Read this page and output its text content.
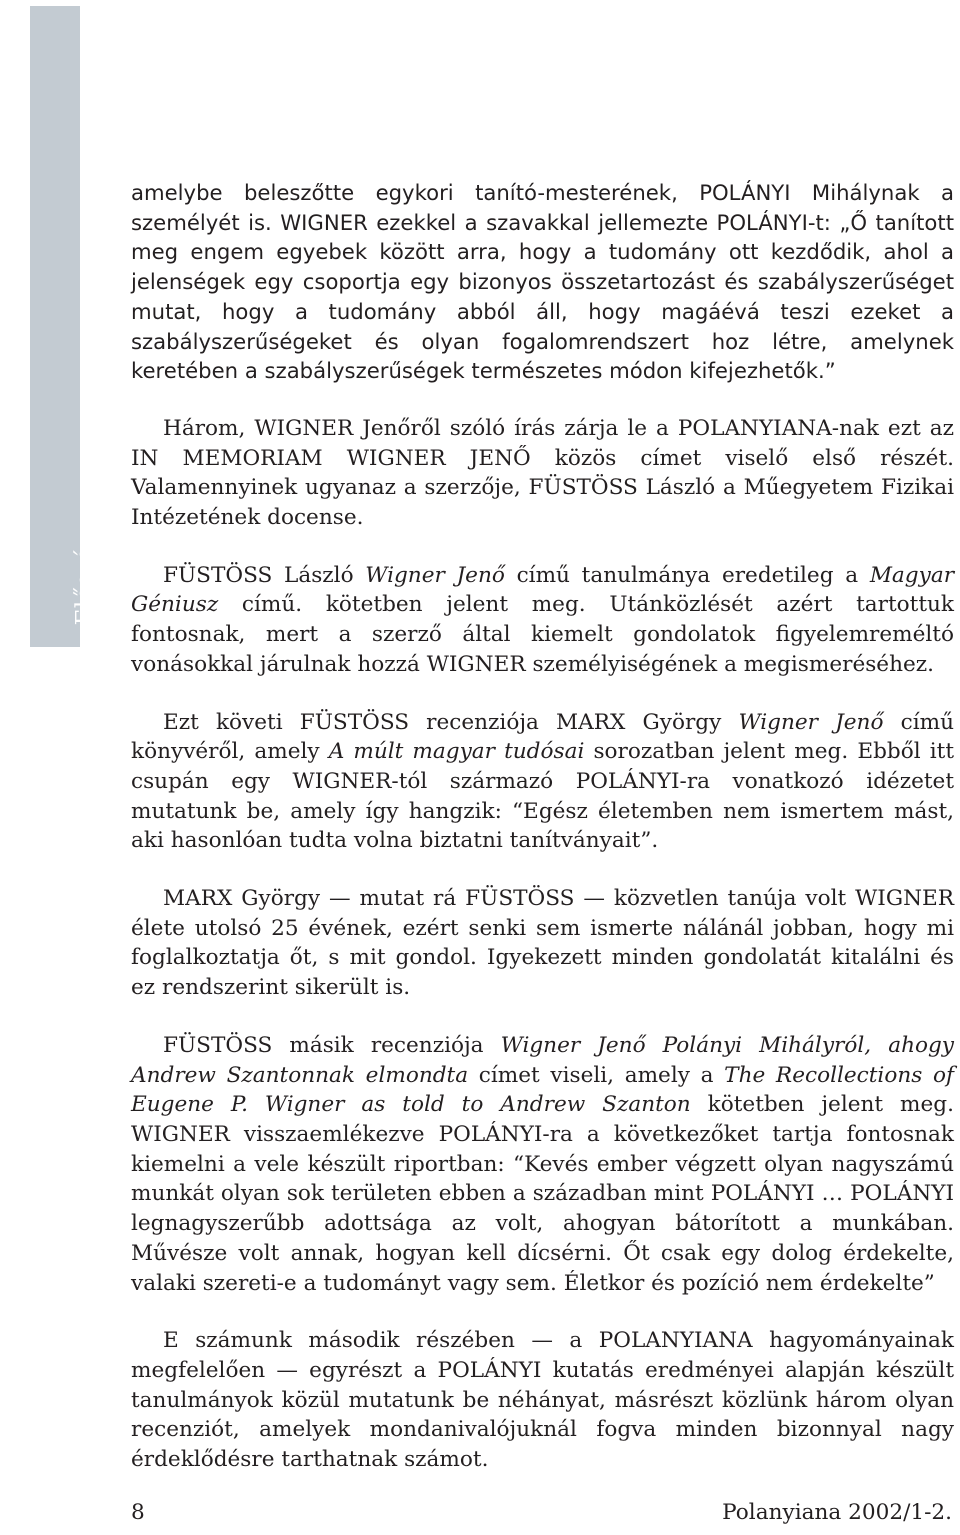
Előszó

amelybe beleszőtte egykori tanító-mesterének, POLÁNYI Mihálynak a személyét is. WIGNER ezekkel a szavakkal jellemezte POLÁNYI-t: „Ő tanított meg engem egyebek között arra, hogy a tudomány ott kezdődik, ahol a jelenségek egy csoportja egy bizonyos összetartozást és szabályszerűséget mutat, hogy a tudomány abból áll, hogy magáévá teszi ezeket a szabályszerűségeket és olyan fogalomrendszert hoz létre, amelynek keretében a szabályszerűségek természetes módon kifejezhetők.”

Három, WIGNER Jenőről szóló írás zárja le a POLANYIANA-nak ezt az IN MEMORIAM WIGNER JENŐ közös címet viselő első részét. Valamennyinek ugyanaz a szerzője, FÜSTÖSS László a Műegyetem Fizikai Intézetének docense.

FÜSTÖSS László Wigner Jenő című tanulmánya eredetileg a Magyar Géniusz című. kötetben jelent meg. Utánközlését azért tartottuk fontosnak, mert a szerző által kiemelt gondolatok figyelemreméltó vonásokkal járulnak hozzá WIGNER személyiségének a megismeréséhez.

Ezt követi FÜSTÖSS recenziója MARX György Wigner Jenő című könyvéről, amely A múlt magyar tudósai sorozatban jelent meg. Ebből itt csupán egy WIGNER-tól származó POLÁNYI-ra vonatkozó idézetet mutatunk be, amely így hangzik: “Egész életemben nem ismertem mást, aki hasonlóan tudta volna biztatni tanítványait”.

MARX György — mutat rá FÜSTÖSS — közvetlen tanúja volt WIGNER élete utolsó 25 évének, ezért senki sem ismerte nálánál jobban, hogy mi foglalkoztatja őt, s mit gondol. Igyekezett minden gondolatát kitalálni és ez rendszerint sikerült is.

FÜSTÖSS másik recenziója Wigner Jenő Polányi Mihályról, ahogy Andrew Szantonnak elmondta címet viseli, amely a The Recollections of Eugene P. Wigner as told to Andrew Szanton kötetben jelent meg. WIGNER visszaemlékezve POLÁNYI-ra a következőket tartja fontosnak kiemelni a vele készült riportban: “Kevés ember végzett olyan nagyszámú munkát olyan sok területen ebben a században mint POLÁNYI … POLÁNYI legnagyszerűbb adottsága az volt, ahogyan bátorított a munkában. Művésze volt annak, hogyan kell dícsérni. Őt csak egy dolog érdekelte, valaki szereti-e a tudományt vagy sem. Életkor és pozíció nem érdekelte”

E számunk második részében — a POLANYIANA hagyományainak megfelelően — egyrészt a POLÁNYI kutatás eredményei alapján készült tanulmányok közül mutatunk be néhányat, másrészt közlünk három olyan recenziót, amelyek mondanivalójuknál fogva minden bizonnyal nagy érdeklődésre tarthatnak számot.

8	Polanyiana 2002/1-2.
